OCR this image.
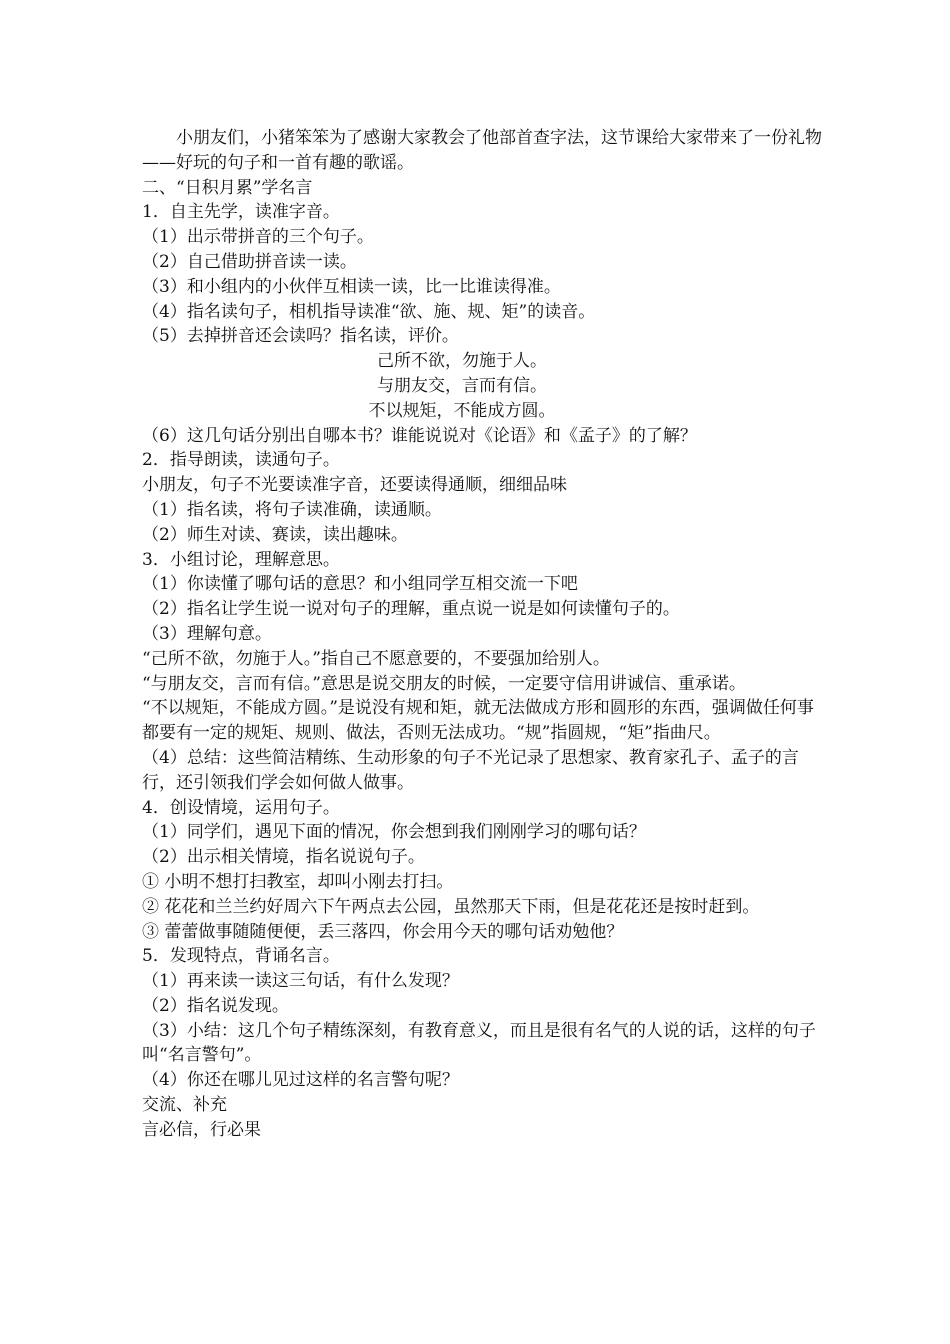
小朋友们，小猪笨笨为了感谢大家教会了他部首查字法，这节课给大家带来了一份礼物——好玩的句子和一首有趣的歌谣。
二、“日积月累”学名言
1．自主先学，读准字音。
（1）出示带拼音的三个句子。
（2）自己借助拼音读一读。
（3）和小组内的小伙伴互相读一读，比一比谁读得准。
（4）指名读句子，相机指导读准“欲、施、规、矩”的读音。
（5）去掉拼音还会读吗？指名读，评价。
己所不欲，勿施于人。
与朋友交，言而有信。
不以规矩，不能成方圆。
（6）这几句话分别出自哪本书？谁能说说对《论语》和《孟子》的了解？
2．指导朗读，读通句子。
小朋友，句子不光要读准字音，还要读得通顺，细细品味
（1）指名读，将句子读准确，读通顺。
（2）师生对读、赛读，读出趣味。
3．小组讨论，理解意思。
（1）你读懂了哪句话的意思？和小组同学互相交流一下吧
（2）指名让学生说一说对句子的理解，重点说一说是如何读懂句子的。
（3）理解句意。
“己所不欲，勿施于人。”指自己不愿意要的，不要强加给别人。
“与朋友交，言而有信。”意思是说交朋友的时候，一定要守信用讲诚信、重承诺。
“不以规矩，不能成方圆。”是说没有规和矩，就无法做成方形和圆形的东西，强调做任何事都要有一定的规矩、规则、做法，否则无法成功。“规”指圆规，“矩”指曲尺。
（4）总结：这些简洁精练、生动形象的句子不光记录了思想家、教育家孔子、孟子的言行，还引领我们学会如何做人做事。
4．创设情境，运用句子。
（1）同学们，遇见下面的情况，你会想到我们刚刚学习的哪句话？
（2）出示相关情境，指名说说句子。
① 小明不想打扫教室，却叫小刚去打扫。
② 花花和兰兰约好周六下午两点去公园，虽然那天下雨，但是花花还是按时赶到。
③ 蕾蕾做事随随便便，丢三落四，你会用今天的哪句话劝勉他？
5．发现特点，背诵名言。
（1）再来读一读这三句话，有什么发现？
（2）指名说发现。
（3）小结：这几个句子精练深刻，有教育意义，而且是很有名气的人说的话，这样的句子叫“名言警句”。
（4）你还在哪儿见过这样的名言警句呢？
交流、补充
言必信，行必果
